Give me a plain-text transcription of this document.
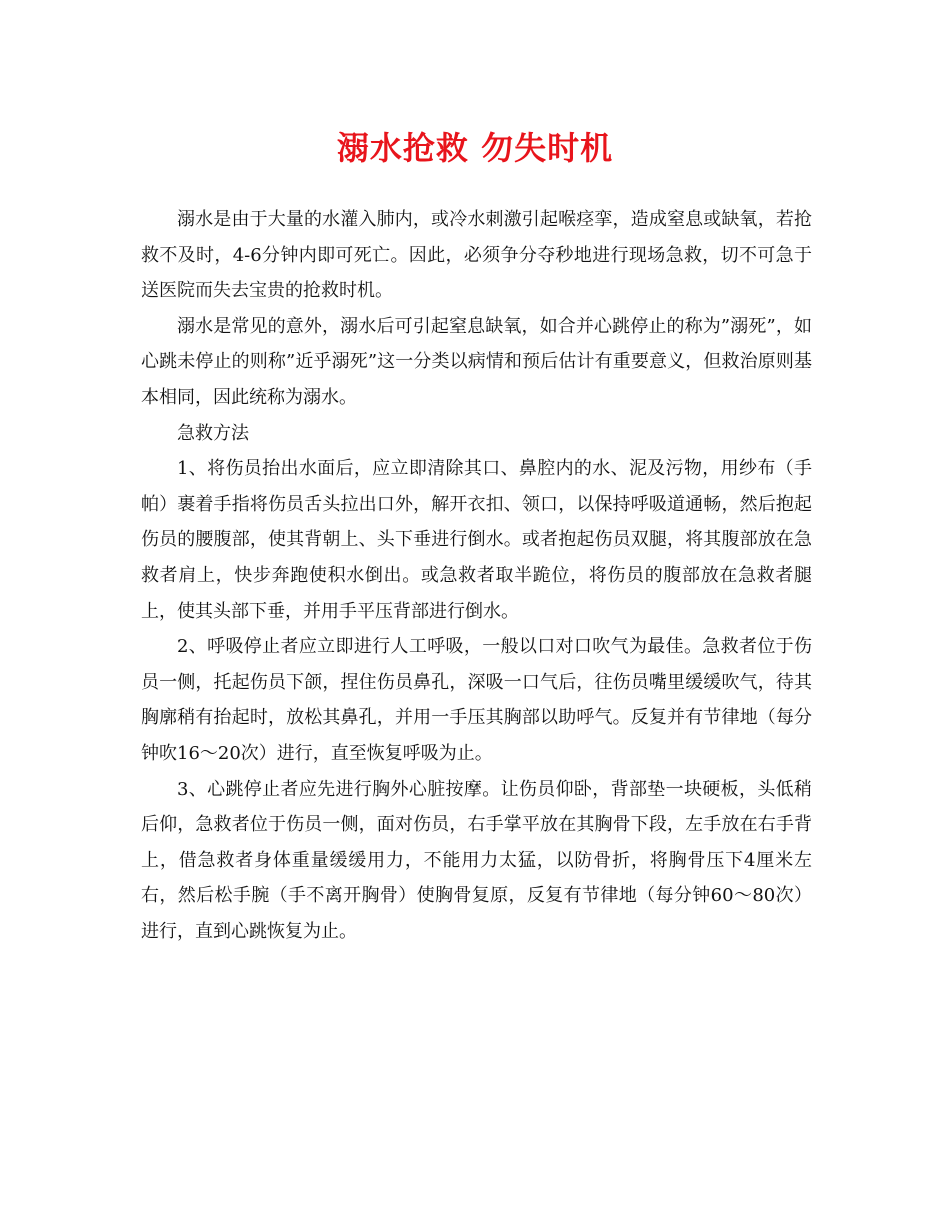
溺水抢救 勿失时机

溺水是由于大量的水灌入肺内，或冷水刺激引起喉痉挛，造成窒息或缺氧，若抢救不及时，4-6分钟内即可死亡。因此，必须争分夺秒地进行现场急救，切不可急于送医院而失去宝贵的抢救时机。

溺水是常见的意外，溺水后可引起窒息缺氧，如合并心跳停止的称为”溺死”，如心跳未停止的则称”近乎溺死”这一分类以病情和预后估计有重要意义，但救治原则基本相同，因此统称为溺水。

急救方法

1、将伤员抬出水面后，应立即清除其口、鼻腔内的水、泥及污物，用纱布（手帕）裹着手指将伤员舌头拉出口外，解开衣扣、领口，以保持呼吸道通畅，然后抱起伤员的腰腹部，使其背朝上、头下垂进行倒水。或者抱起伤员双腿，将其腹部放在急救者肩上，快步奔跑使积水倒出。或急救者取半跪位，将伤员的腹部放在急救者腿上，使其头部下垂，并用手平压背部进行倒水。

2、呼吸停止者应立即进行人工呼吸，一般以口对口吹气为最佳。急救者位于伤员一侧，托起伤员下颌，捏住伤员鼻孔，深吸一口气后，往伤员嘴里缓缓吹气，待其胸廓稍有抬起时，放松其鼻孔，并用一手压其胸部以助呼气。反复并有节律地（每分钟吹16～20次）进行，直至恢复呼吸为止。

3、心跳停止者应先进行胸外心脏按摩。让伤员仰卧，背部垫一块硬板，头低稍后仰，急救者位于伤员一侧，面对伤员，右手掌平放在其胸骨下段，左手放在右手背上，借急救者身体重量缓缓用力，不能用力太猛，以防骨折，将胸骨压下4厘米左右，然后松手腕（手不离开胸骨）使胸骨复原，反复有节律地（每分钟60～80次）进行，直到心跳恢复为止。
